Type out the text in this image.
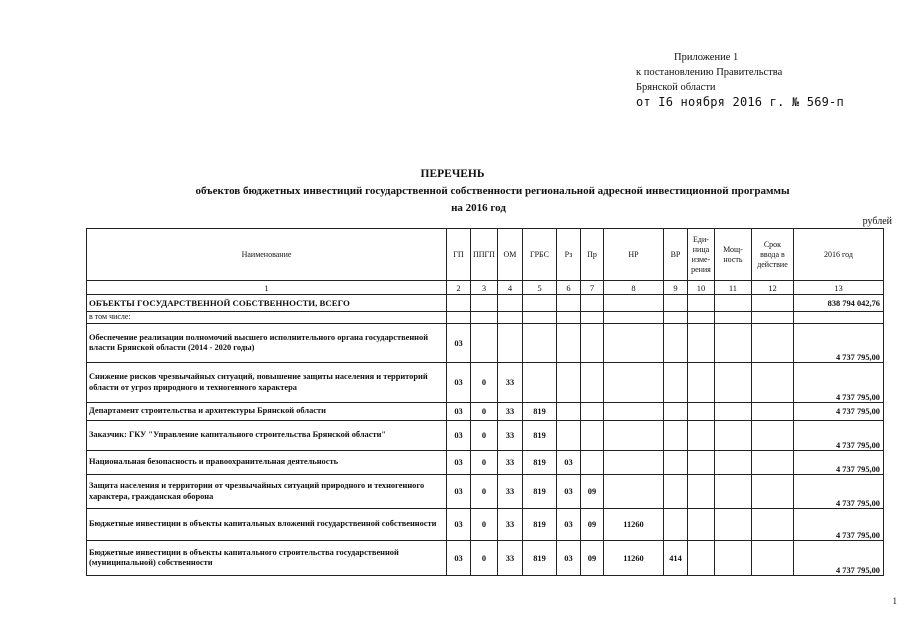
Приложение 1
к постановлению Правительства
Брянской области
от I6 ноября 2016 г. № 569-п
ПЕРЕЧЕНЬ
объектов бюджетных инвестиций государственной собственности региональной адресной инвестиционной программы
на 2016 год
рублей
Наименование	ГП	ППГП	ОМ	ГРБС	Рз	Пр	НР	ВР	Еди-ница изме-рения	Мощ-ность	Срок ввода в действие	2016 год
1	2	3	4	5	6	7	8	9	10	11	12	13
ОБЪЕКТЫ ГОСУДАРСТВЕННОЙ СОБСТВЕННОСТИ, ВСЕГО												838 794 042,76
в том числе:												
Обеспечение реализации полномочий высшего исполнительного органа государственной власти Брянской области (2014 - 2020 годы)	03											4 737 795,00
Снижение рисков чрезвычайных ситуаций, повышение защиты населения и территорий области от угроз природного и техногенного характера	03	0	33									4 737 795,00
Департамент строительства и архитектуры Брянской области	03	0	33	819								4 737 795,00
Заказчик: ГКУ "Управление капитального строительства Брянской области"	03	0	33	819								4 737 795,00
Национальная безопасность и правоохранительная деятельность	03	0	33	819	03							4 737 795,00
Защита населения и территории от чрезвычайных ситуаций природного и техногенного характера, гражданская оборона	03	0	33	819	03	09						4 737 795,00
Бюджетные инвестиции в объекты капитальных вложений государственной собственности	03	0	33	819	03	09	11260					4 737 795,00
Бюджетные инвестиции в объекты капитального строительства государственной (муниципальной) собственности	03	0	33	819	03	09	11260	414				4 737 795,00
1
